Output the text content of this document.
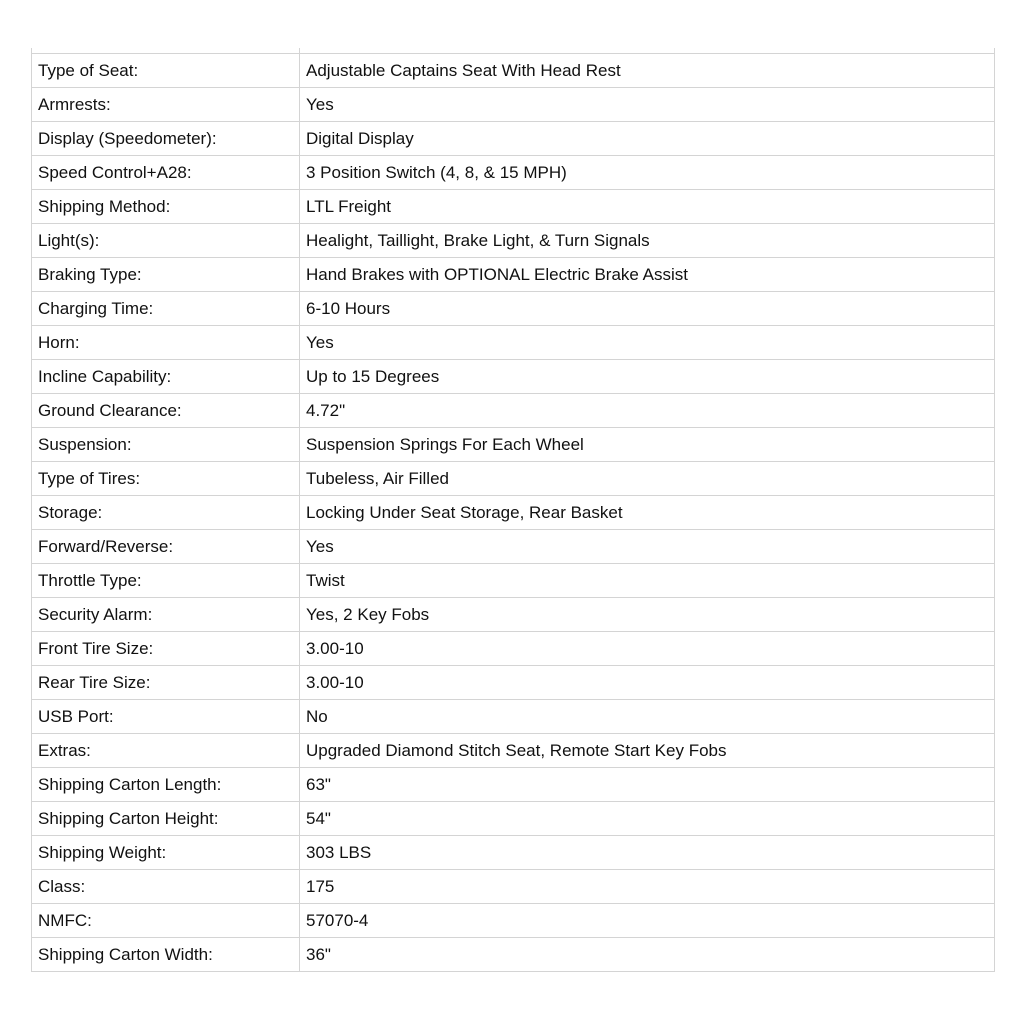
Type of Seat:	Adjustable Captains Seat With Head Rest
Armrests:	Yes
Display (Speedometer):	Digital Display
Speed Control+A28:	3 Position Switch (4, 8, & 15 MPH)
Shipping Method:	LTL Freight
Light(s):	Healight, Taillight, Brake Light, & Turn Signals
Braking Type:	Hand Brakes with OPTIONAL Electric Brake Assist
Charging Time:	6-10 Hours
Horn:	Yes
Incline Capability:	Up to 15 Degrees
Ground Clearance:	4.72"
Suspension:	Suspension Springs For Each Wheel
Type of Tires:	Tubeless, Air Filled
Storage:	Locking Under Seat Storage, Rear Basket
Forward/Reverse:	Yes
Throttle Type:	Twist
Security Alarm:	Yes, 2 Key Fobs
Front Tire Size:	3.00-10
Rear Tire Size:	3.00-10
USB Port:	No
Extras:	Upgraded Diamond Stitch Seat, Remote Start Key Fobs
Shipping Carton Length:	63"
Shipping Carton Height:	54"
Shipping Weight:	303 LBS
Class:	175
NMFC:	57070-4
Shipping Carton Width:	36"
